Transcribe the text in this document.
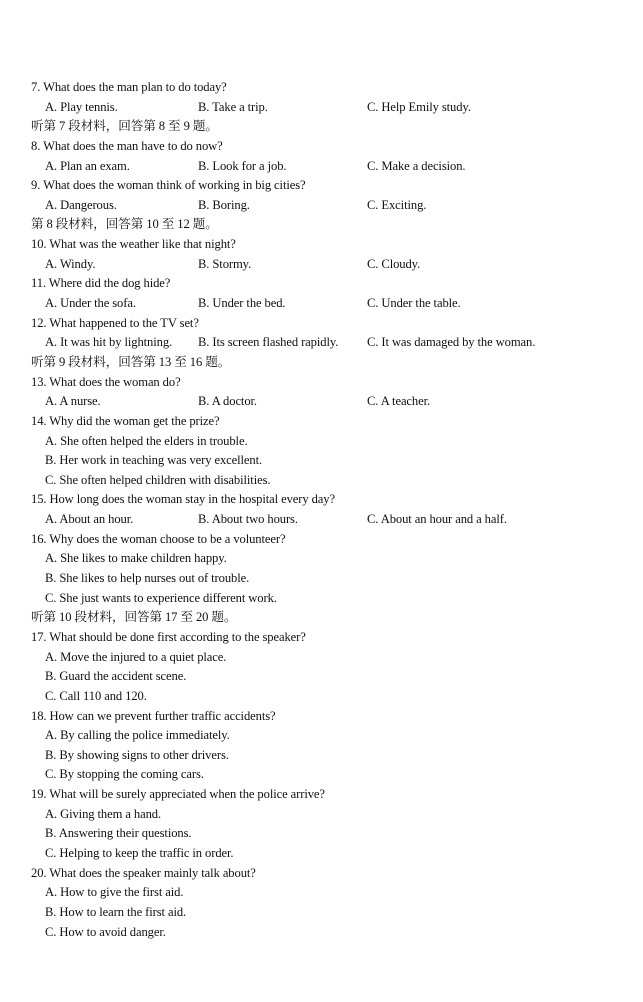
7. What does the man plan to do today?
A. Play tennis.	B. Take a trip.	C. Help Emily study.
听第 7 段材料，回答第 8 至 9 题。
8. What does the man have to do now?
A. Plan an exam.	B. Look for a job.	C. Make a decision.
9. What does the woman think of working in big cities?
A. Dangerous.	B. Boring.	C. Exciting.
第 8 段材料，回答第 10 至 12 题。
10. What was the weather like that night?
A. Windy.	B. Stormy.	C. Cloudy.
11. Where did the dog hide?
A. Under the sofa.	B. Under the bed.	C. Under the table.
12. What happened to the TV set?
A. It was hit by lightning. B. Its screen flashed rapidly. C. It was damaged by the woman.
听第 9 段材料，回答第 13 至 16 题。
13. What does the woman do?
A. A nurse.	B. A doctor.	C. A teacher.
14. Why did the woman get the prize?
A. She often helped the elders in trouble.
B. Her work in teaching was very excellent.
C. She often helped children with disabilities.
15. How long does the woman stay in the hospital every day?
A. About an hour.	B. About two hours.	C. About an hour and a half.
16. Why does the woman choose to be a volunteer?
A. She likes to make children happy.
B. She likes to help nurses out of trouble.
C. She just wants to experience different work.
听第 10 段材料，回答第 17 至 20 题。
17. What should be done first according to the speaker?
A. Move the injured to a quiet place.
B. Guard the accident scene.
C. Call 110 and 120.
18. How can we prevent further traffic accidents?
A. By calling the police immediately.
B. By showing signs to other drivers.
C. By stopping the coming cars.
19. What will be surely appreciated when the police arrive?
A. Giving them a hand.
B. Answering their questions.
C. Helping to keep the traffic in order.
20. What does the speaker mainly talk about?
A. How to give the first aid.
B. How to learn the first aid.
C. How to avoid danger.
